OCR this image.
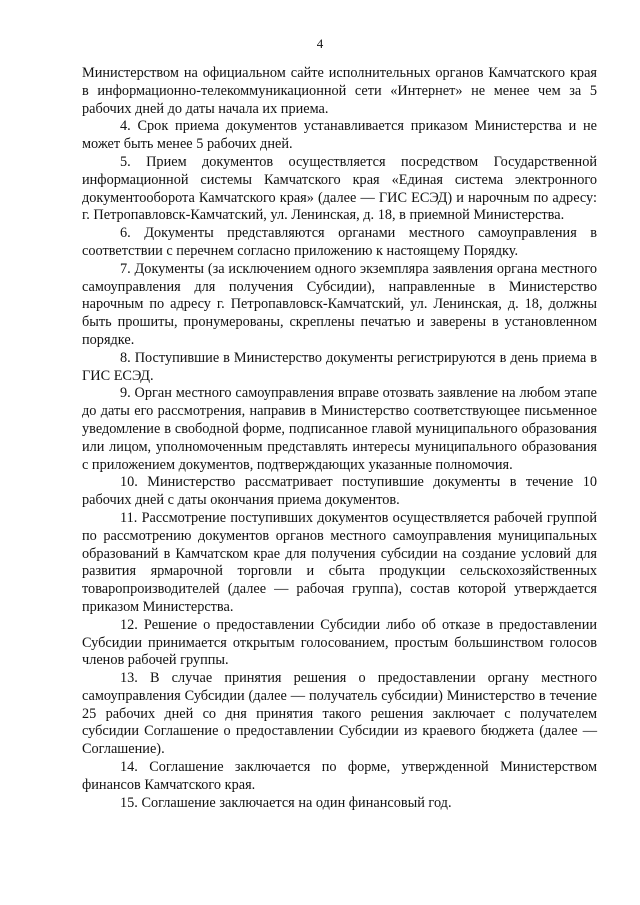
4

Министерством на официальном сайте исполнительных органов Камчатского края в информационно-телекоммуникационной сети «Интернет» не менее чем за 5 рабочих дней до даты начала их приема.

4. Срок приема документов устанавливается приказом Министерства и не может быть менее 5 рабочих дней.

5. Прием документов осуществляется посредством Государственной информационной системы Камчатского края «Единая система электронного документооборота Камчатского края» (далее — ГИС ЕСЭД) и нарочным по адресу: г. Петропавловск-Камчатский, ул. Ленинская, д. 18, в приемной Министерства.

6. Документы представляются органами местного самоуправления в соответствии с перечнем согласно приложению к настоящему Порядку.

7. Документы (за исключением одного экземпляра заявления органа местного самоуправления для получения Субсидии), направленные в Министерство нарочным по адресу г. Петропавловск-Камчатский, ул. Ленинская, д. 18, должны быть прошиты, пронумерованы, скреплены печатью и заверены в установленном порядке.

8. Поступившие в Министерство документы регистрируются в день приема в ГИС ЕСЭД.

9. Орган местного самоуправления вправе отозвать заявление на любом этапе до даты его рассмотрения, направив в Министерство соответствующее письменное уведомление в свободной форме, подписанное главой муниципального образования или лицом, уполномоченным представлять интересы муниципального образования с приложением документов, подтверждающих указанные полномочия.

10. Министерство рассматривает поступившие документы в течение 10 рабочих дней с даты окончания приема документов.

11. Рассмотрение поступивших документов осуществляется рабочей группой по рассмотрению документов органов местного самоуправления муниципальных образований в Камчатском крае для получения субсидии на создание условий для развития ярмарочной торговли и сбыта продукции сельскохозяйственных товаропроизводителей (далее — рабочая группа), состав которой утверждается приказом Министерства.

12. Решение о предоставлении Субсидии либо об отказе в предоставлении Субсидии принимается открытым голосованием, простым большинством голосов членов рабочей группы.

13. В случае принятия решения о предоставлении органу местного самоуправления Субсидии (далее — получатель субсидии) Министерство в течение 25 рабочих дней со дня принятия такого решения заключает с получателем субсидии Соглашение о предоставлении Субсидии из краевого бюджета (далее — Соглашение).

14. Соглашение заключается по форме, утвержденной Министерством финансов Камчатского края.

15. Соглашение заключается на один финансовый год.
